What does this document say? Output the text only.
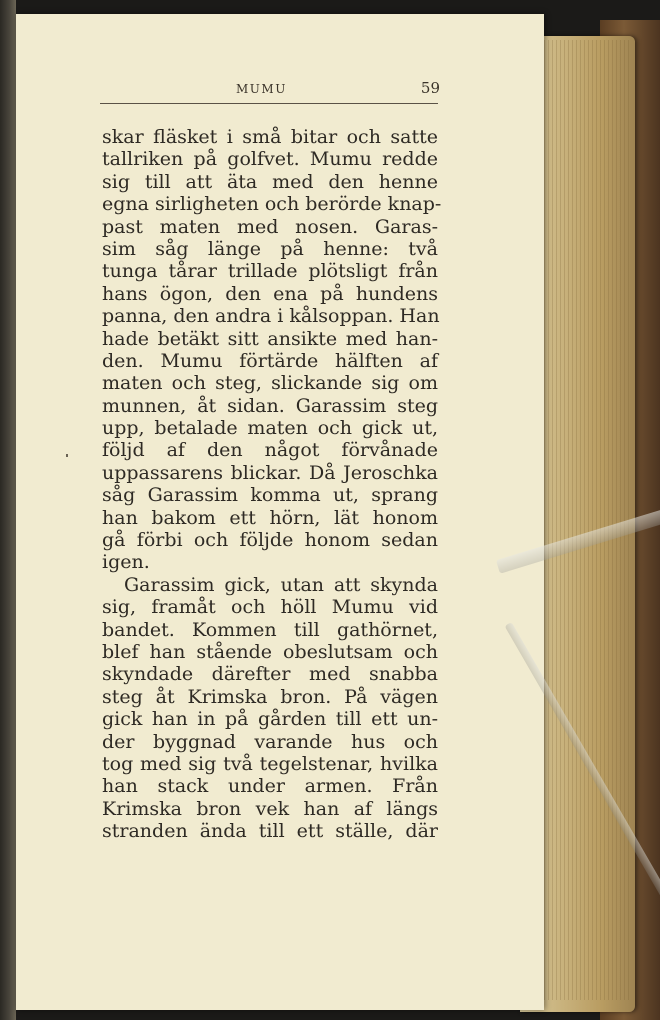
MUMU	59
skar fläsket i små bitar och satte
tallriken på golfvet. Mumu redde
sig till att äta med den henne
egna sirligheten och berörde knap-
past maten med nosen. Garas-
sim såg länge på henne: två
tunga tårar trillade plötsligt från
hans ögon, den ena på hundens
panna, den andra i kålsoppan. Han
hade betäkt sitt ansikte med han-
den. Mumu förtärde hälften af
maten och steg, slickande sig om
munnen, åt sidan. Garassim steg
upp, betalade maten och gick ut,
följd af den något förvånade
uppassarens blickar. Då Jeroschka
såg Garassim komma ut, sprang
han bakom ett hörn, lät honom
gå förbi och följde honom sedan
igen.
Garassim gick, utan att skynda
sig, framåt och höll Mumu vid
bandet. Kommen till gathörnet,
blef han stående obeslutsam och
skyndade därefter med snabba
steg åt Krimska bron. På vägen
gick han in på gården till ett un-
der byggnad varande hus och
tog med sig två tegelstenar, hvilka
han stack under armen. Från
Krimska bron vek han af längs
stranden ända till ett ställe, där
